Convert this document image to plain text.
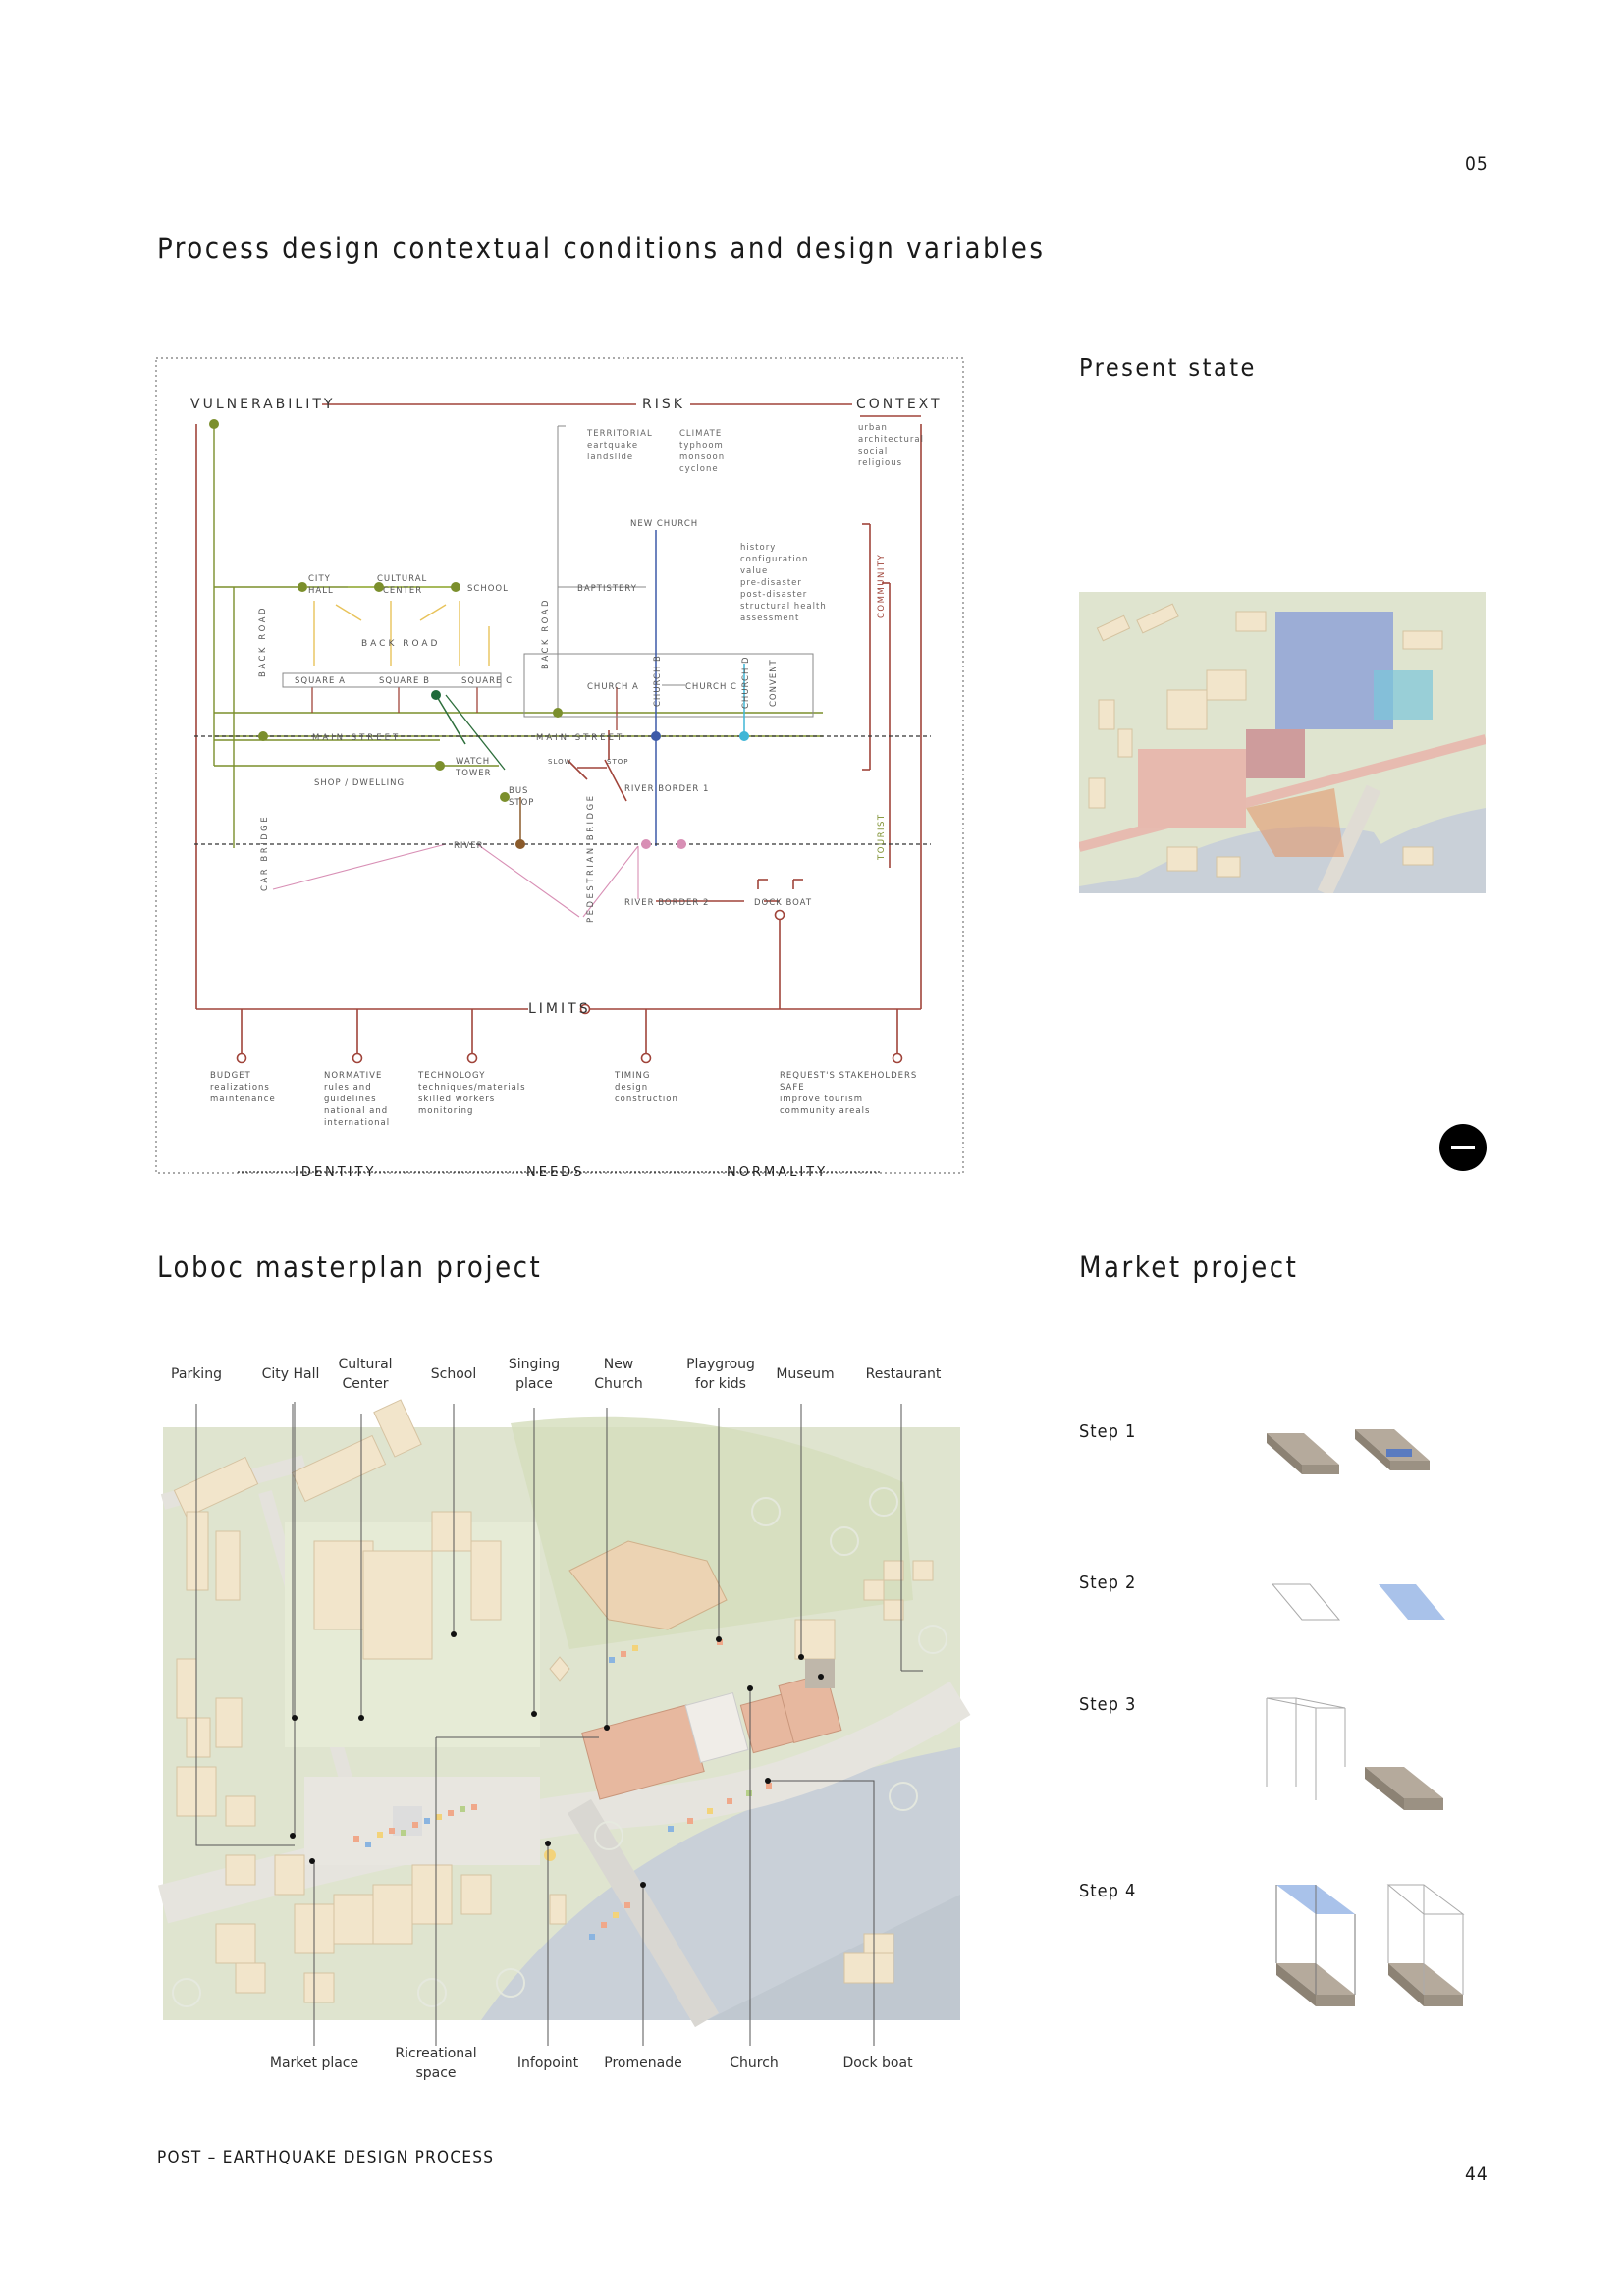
05
Process design contextual conditions and design variables
Present state
VULNERABILITY	RISK	CONTEXT
LIMITS
TERRITORIAL
eartquake
landslide
CLIMATE
typhoom
monsoon
cyclone
urban
architectural
social
religious
history
configuration
value
pre-disaster
post-disaster
structural health
assessment
NEW CHURCH
BAPTISTERY
CITY
HALL
CULTURAL
CENTER	SCHOOL
BACK ROAD
SQUARE A	SQUARE B	SQUARE C
CHURCH A	CHURCH C
MAIN STREET	MAIN STREET
WATCH
TOWER
SHOP / DWELLING
BUS
STOP
SLOW	STOP
RIVER BORDER 1
RIVER
RIVER BORDER 2	DOCK BOAT
BACK ROAD	BACK ROAD
CAR BRIDGE	PEDESTRIAN BRIDGE
CHURCH B	CHURCH D CONVENT
COMMUNITY
TOURIST
BUDGET
realizations
maintenance
NORMATIVE
rules and
guidelines
national and
international
TECHNOLOGY
techniques/materials
skilled workers
monitoring
TIMING
design
construction
REQUEST'S STAKEHOLDERS
SAFE
improve tourism
community areals
IDENTITY	NEEDS	NORMALITY
Loboc masterplan project
Parking	City Hall
Cultural
Center
School
Singing
place
New
Church
Playgroug
for kids
Museum Restaurant
Market place
Ricreational
space
Infopoint Promenade	Church	Dock boat
Market project
Step 1
Step 2
Step 3
Step 4
POST – EARTHQUAKE DESIGN PROCESS
44
